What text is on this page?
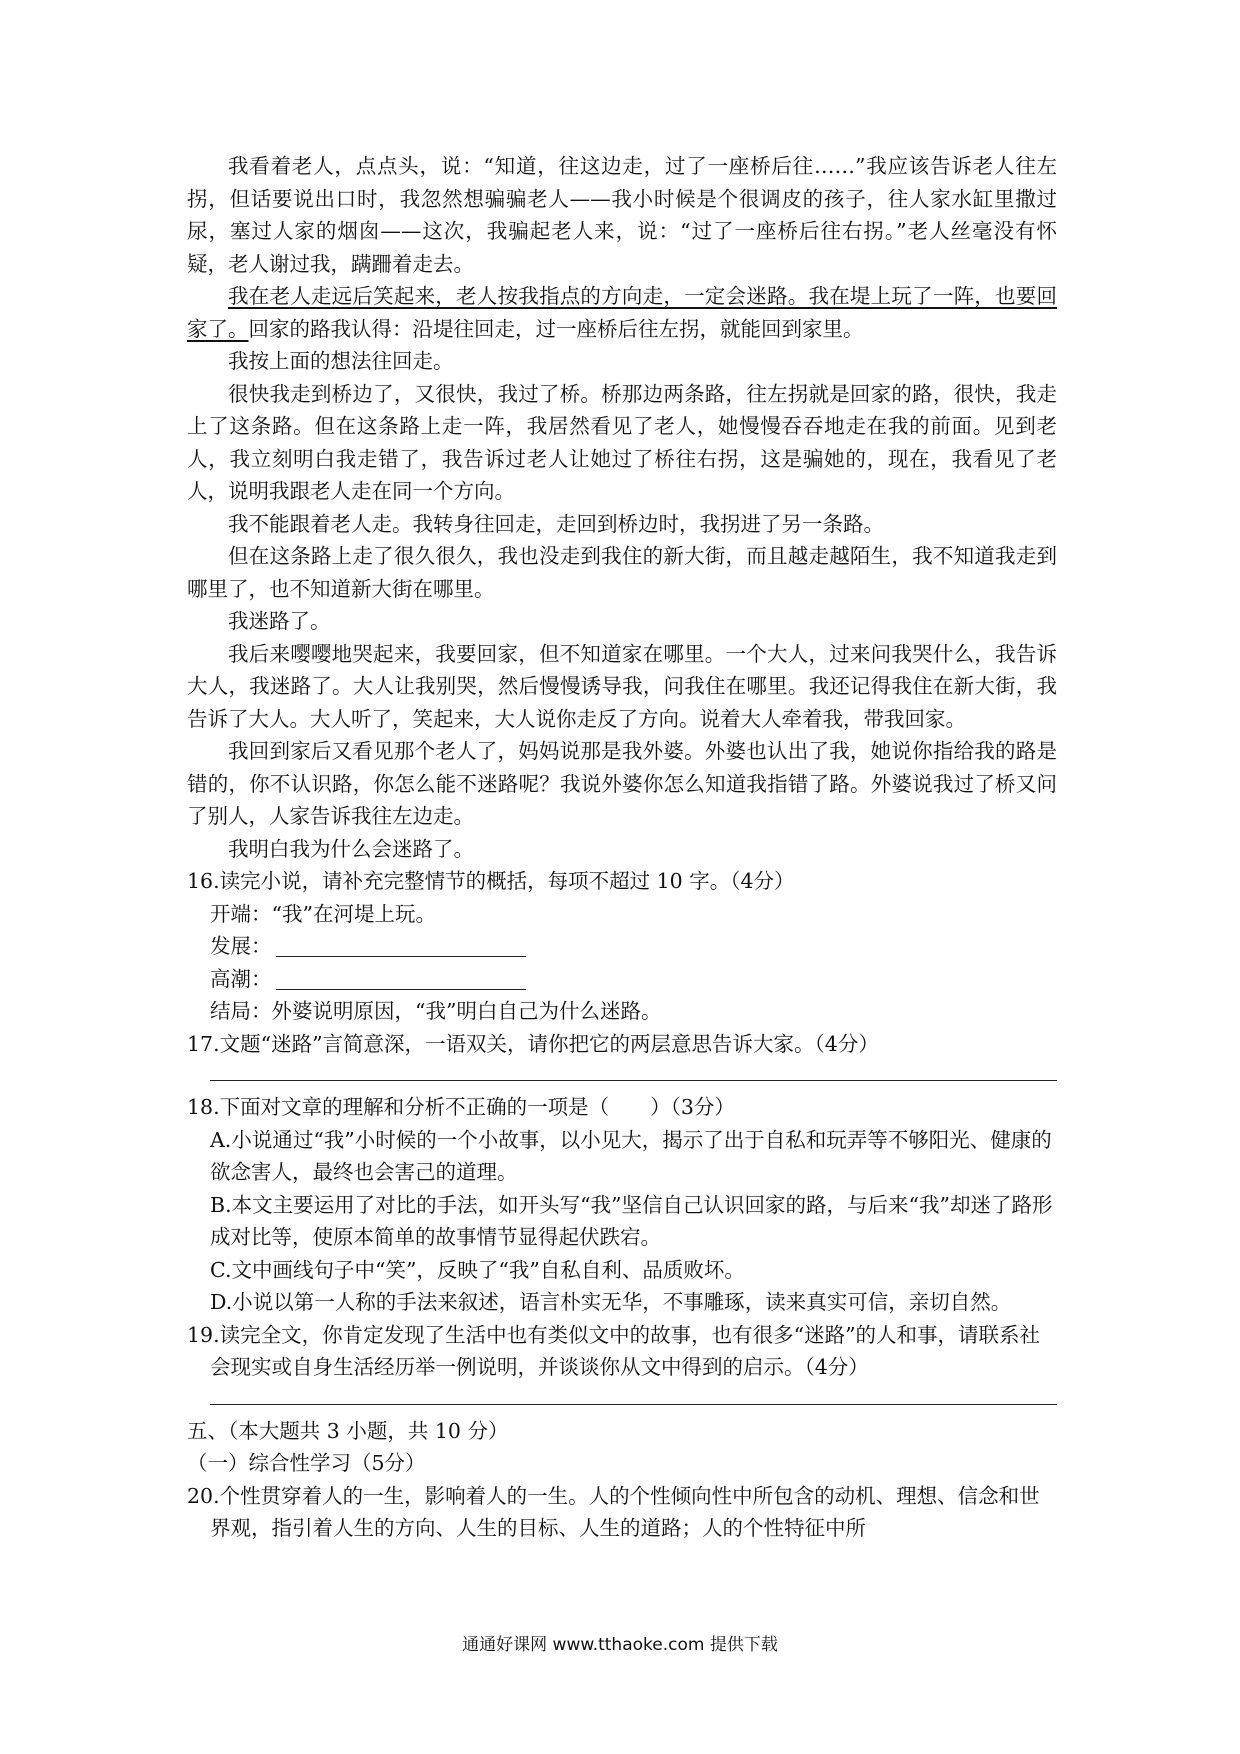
我看着老人，点点头，说：“知道，往这边走，过了一座桥后往……”我应该告诉老人往左拐，但话要说出口时，我忽然想骗骗老人——我小时候是个很调皮的孩子，往人家水缸里撒过尿，塞过人家的烟囱——这次，我骗起老人来，说：“过了一座桥后往右拐。”老人丝毫没有怀疑，老人谢过我，蹒跚着走去。

我在老人走远后笑起来，老人按我指点的方向走，一定会迷路。我在堤上玩了一阵，也要回家了。回家的路我认得：沿堤往回走，过一座桥后往左拐，就能回到家里。

我按上面的想法往回走。

很快我走到桥边了，又很快，我过了桥。桥那边两条路，往左拐就是回家的路，很快，我走上了这条路。但在这条路上走一阵，我居然看见了老人，她慢慢吞吞地走在我的前面。见到老人，我立刻明白我走错了，我告诉过老人让她过了桥往右拐，这是骗她的，现在，我看见了老人，说明我跟老人走在同一个方向。

我不能跟着老人走。我转身往回走，走回到桥边时，我拐进了另一条路。

但在这条路上走了很久很久，我也没走到我住的新大街，而且越走越陌生，我不知道我走到哪里了，也不知道新大街在哪里。

我迷路了。

我后来嘤嘤地哭起来，我要回家，但不知道家在哪里。一个大人，过来问我哭什么，我告诉大人，我迷路了。大人让我别哭，然后慢慢诱导我，问我住在哪里。我还记得我住在新大街，我告诉了大人。大人听了，笑起来，大人说你走反了方向。说着大人牵着我，带我回家。

我回到家后又看见那个老人了，妈妈说那是我外婆。外婆也认出了我，她说你指给我的路是错的，你不认识路，你怎么能不迷路呢？我说外婆你怎么知道我指错了路。外婆说我过了桥又问了别人，人家告诉我往左边走。

我明白我为什么会迷路了。

16.读完小说，请补充完整情节的概括，每项不超过 10 字。（4分）

开端：“我”在河堤上玩。

发展：

高潮：

结局：外婆说明原因，“我”明白自己为什么迷路。

17.文题“迷路”言简意深，一语双关，请你把它的两层意思告诉大家。（4分）

18.下面对文章的理解和分析不正确的一项是（　　）（3分）

A.小说通过“我”小时候的一个小故事，以小见大，揭示了出于自私和玩弄等不够阳光、健康的欲念害人，最终也会害己的道理。

B.本文主要运用了对比的手法，如开头写“我”坚信自己认识回家的路，与后来“我”却迷了路形成对比等，使原本简单的故事情节显得起伏跌宕。

C.文中画线句子中“笑”，反映了“我”自私自利、品质败坏。

D.小说以第一人称的手法来叙述，语言朴实无华，不事雕琢，读来真实可信，亲切自然。

19.读完全文，你肯定发现了生活中也有类似文中的故事，也有很多“迷路”的人和事，请联系社会现实或自身生活经历举一例说明，并谈谈你从文中得到的启示。（4分）

五、（本大题共 3 小题，共 10 分）

（一）综合性学习（5分）

20.个性贯穿着人的一生，影响着人的一生。人的个性倾向性中所包含的动机、理想、信念和世界观，指引着人生的方向、人生的目标、人生的道路；人的个性特征中所

通通好课网 www.tthaoke.com 提供下载
